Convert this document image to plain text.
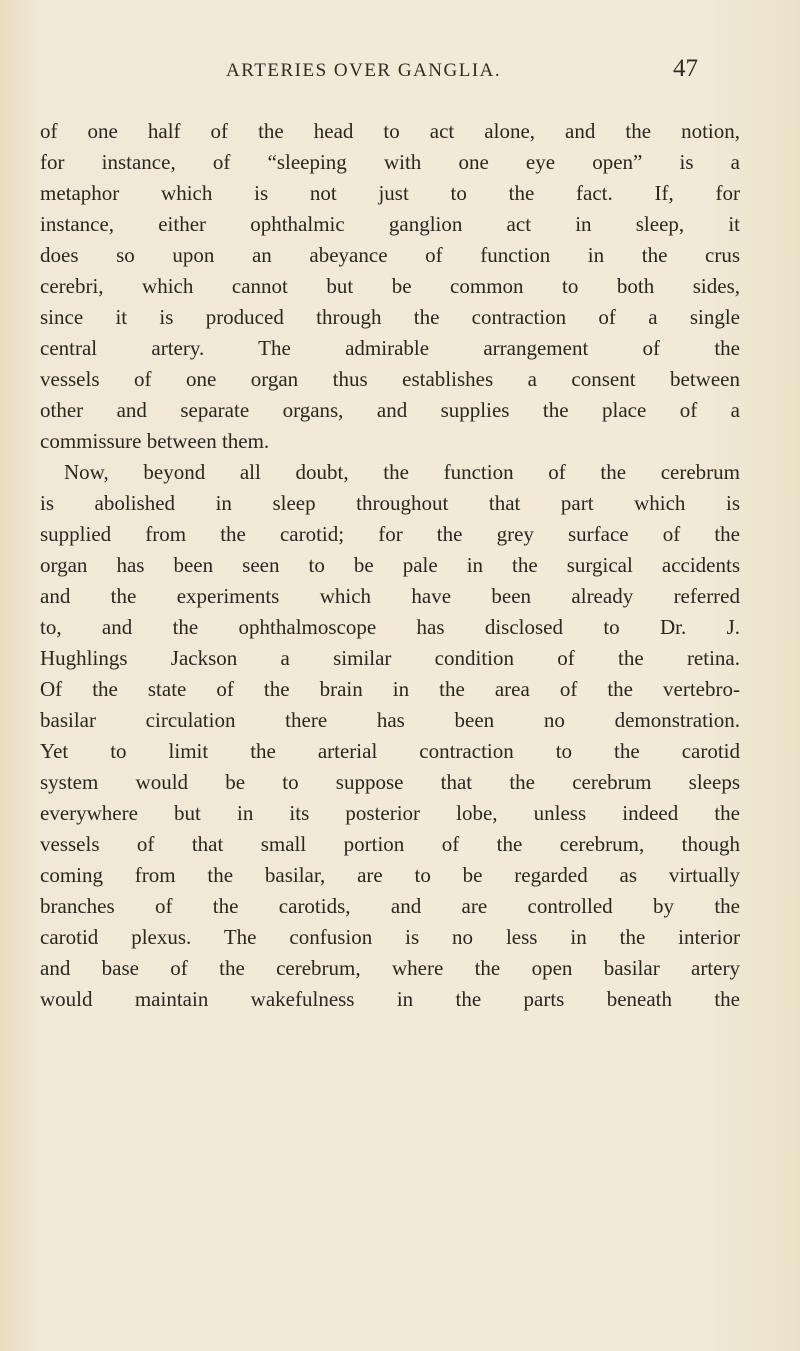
ARTERIES OVER GANGLIA.	47
of one half of the head to act alone, and the notion,
for instance, of “sleeping with one eye open” is a
metaphor which is not just to the fact. If, for
instance, either ophthalmic ganglion act in sleep, it
does so upon an abeyance of function in the crus
cerebri, which cannot but be common to both sides,
since it is produced through the contraction of a single
central artery. The admirable arrangement of the
vessels of one organ thus establishes a consent between
other and separate organs, and supplies the place of a
commissure between them.
Now, beyond all doubt, the function of the cerebrum
is abolished in sleep throughout that part which is
supplied from the carotid; for the grey surface of the
organ has been seen to be pale in the surgical accidents
and the experiments which have been already referred
to, and the ophthalmoscope has disclosed to Dr. J.
Hughlings Jackson a similar condition of the retina.
Of the state of the brain in the area of the vertebro-
basilar circulation there has been no demonstration.
Yet to limit the arterial contraction to the carotid
system would be to suppose that the cerebrum sleeps
everywhere but in its posterior lobe, unless indeed the
vessels of that small portion of the cerebrum, though
coming from the basilar, are to be regarded as virtually
branches of the carotids, and are controlled by the
carotid plexus. The confusion is no less in the interior
and base of the cerebrum, where the open basilar artery
would maintain wakefulness in the parts beneath the
